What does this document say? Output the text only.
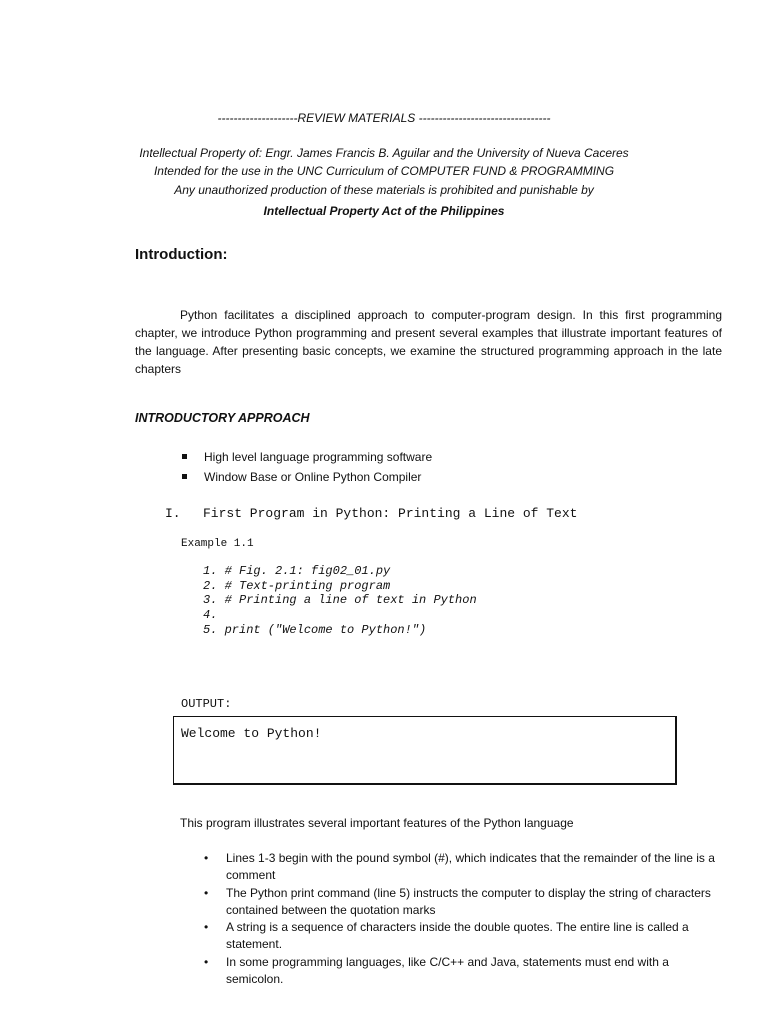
--------------------REVIEW MATERIALS ---------------------------------
Intellectual Property of: Engr. James Francis B. Aguilar and the University of Nueva Caceres
Intended for the use in the UNC Curriculum of COMPUTER FUND & PROGRAMMING
Any unauthorized production of these materials is prohibited and punishable by
Intellectual Property Act of the Philippines
Introduction:
Python facilitates a disciplined approach to computer-program design. In this first programming chapter, we introduce Python programming and present several examples that illustrate important features of the language. After presenting basic concepts, we examine the structured programming approach in the late chapters
INTRODUCTORY APPROACH
High level language programming software
Window Base or Online Python Compiler
I. First Program in Python: Printing a Line of Text
Example 1.1
1. # Fig. 2.1: fig02_01.py
2. # Text-printing program
3. # Printing a line of text in Python
4.
5. print ("Welcome to Python!")
OUTPUT:
Welcome to Python!
This program illustrates several important features of the Python language
• Lines 1-3 begin with the pound symbol (#), which indicates that the remainder of the line is a comment
• The Python print command (line 5) instructs the computer to display the string of characters contained between the quotation marks
• A string is a sequence of characters inside the double quotes. The entire line is called a statement.
• In some programming languages, like C/C++ and Java, statements must end with a semicolon.
